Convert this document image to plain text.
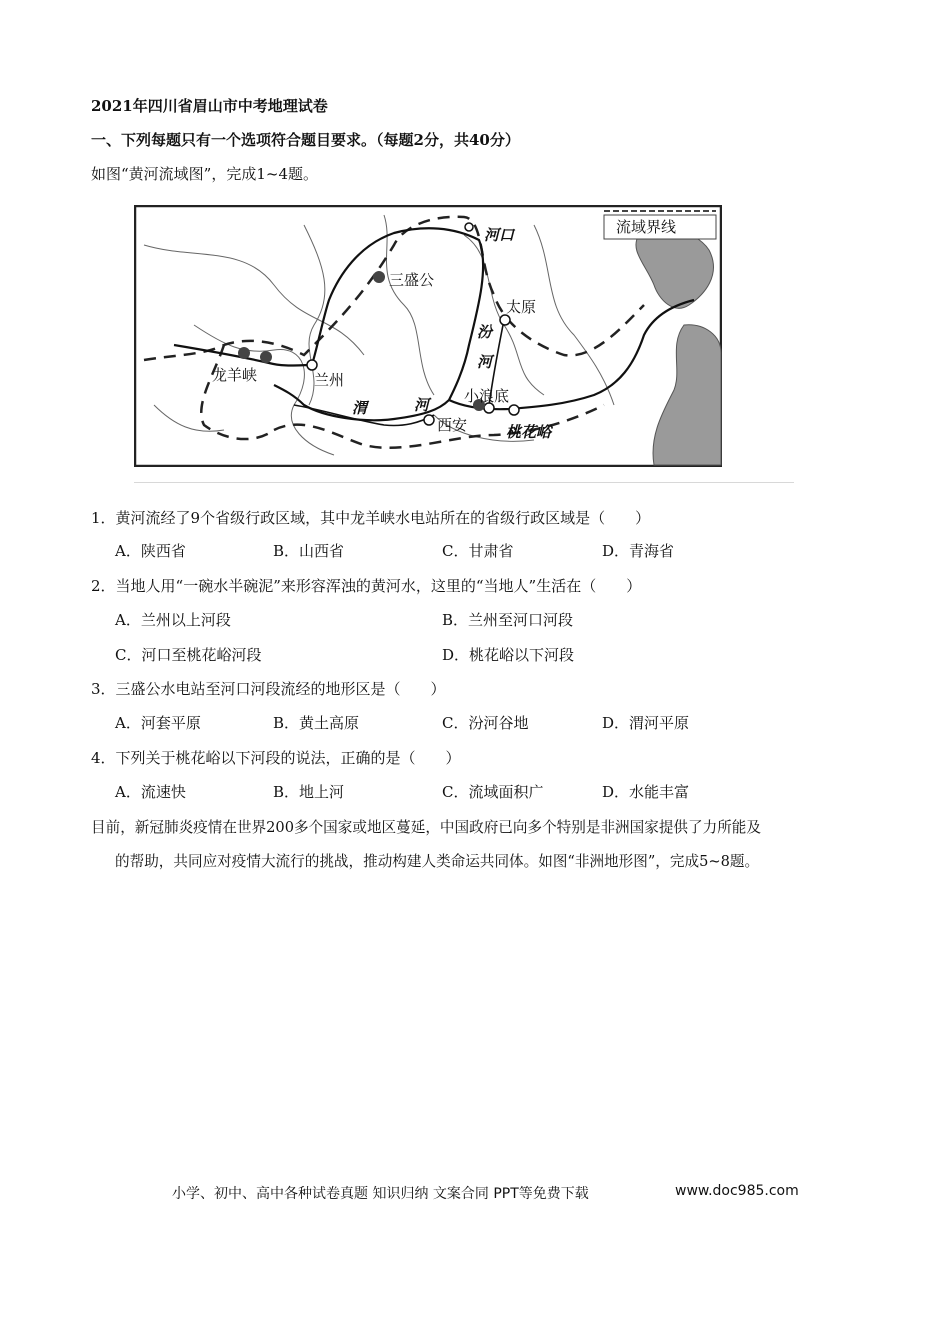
2021年四川省眉山市中考地理试卷
一、下列每题只有一个选项符合题目要求。（每题2分，共40分）
如图“黄河流域图”，完成1~4题。
流域界线
河口
三盛公
太原
汾
河
龙羊峡	兰州
渭	河 小浪底
西安	桃花峪
1．黄河流经了9个省级行政区域，其中龙羊峡水电站所在的省级行政区域是（　　）
A．陕西省	B．山西省	C．甘肃省	D．青海省
2．当地人用“一碗水半碗泥”来形容浑浊的黄河水，这里的“当地人”生活在（　　）
A．兰州以上河段	B．兰州至河口河段
C．河口至桃花峪河段	D．桃花峪以下河段
3．三盛公水电站至河口河段流经的地形区是（　　）
A．河套平原	B．黄土高原	C．汾河谷地	D．渭河平原
4．下列关于桃花峪以下河段的说法，正确的是（　　）
A．流速快	B．地上河	C．流域面积广	D．水能丰富
目前，新冠肺炎疫情在世界200多个国家或地区蔓延，中国政府已向多个特别是非洲国家提供了力所能及
的帮助，共同应对疫情大流行的挑战，推动构建人类命运共同体。如图“非洲地形图”，完成5~8题。
小学、初中、高中各种试卷真题 知识归纳 文案合同 PPT等免费下载	www.doc985.com
